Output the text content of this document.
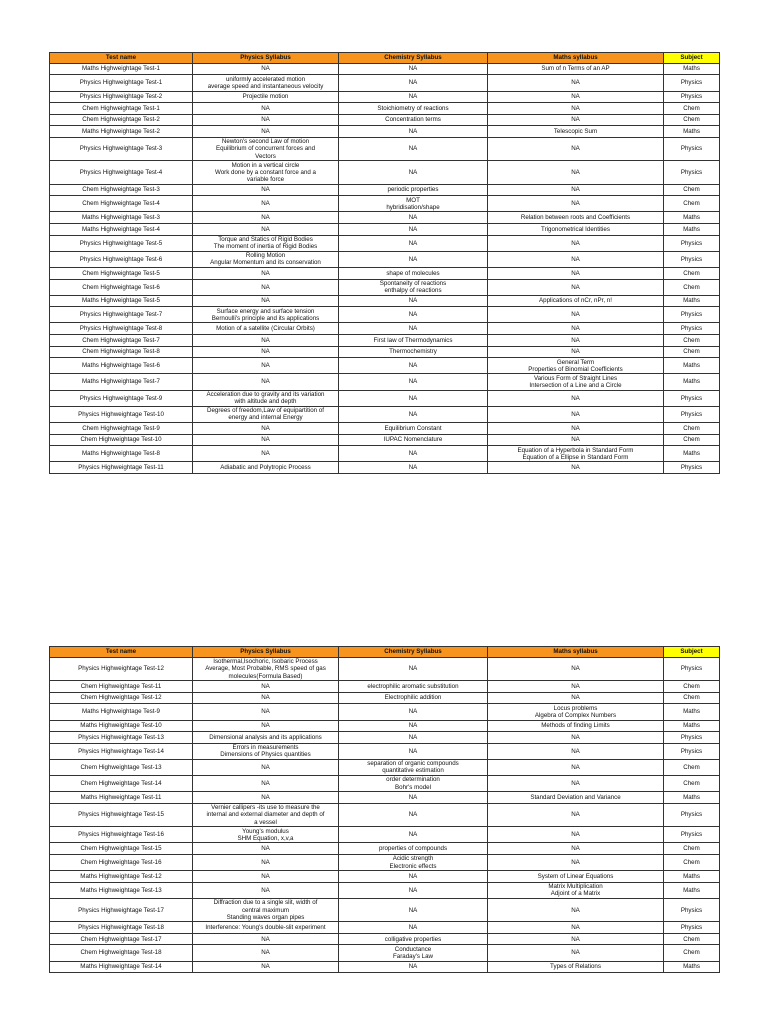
Test name	Physics Syllabus	Chemistry Syllabus	Maths syllabus	Subject
Maths Highweightage Test-1	NA	NA	Sum of n Terms of an AP	Maths
Physics Highweightage Test-1	uniformly accelerated motion
average speed and instantaneous velocity	NA	NA	Physics
Physics Highweightage Test-2	Projectile motion	NA	NA	Physics
Chem Highweightage Test-1	NA	Stoichiometry of reactions	NA	Chem
Chem Highweightage Test-2	NA	Concentration terms	NA	Chem
Maths Highweightage Test-2	NA	NA	Telescopic Sum	Maths
Physics Highweightage Test-3	Newton's second Law of motion
Equilibrium of concurrent forces and
Vectors	NA	NA	Physics
Physics Highweightage Test-4	Motion in a vertical circle
Work done by a constant force and a
variable force	NA	NA	Physics
Chem Highweightage Test-3	NA	periodic properties	NA	Chem
Chem Highweightage Test-4	NA	MOT
hybridisation/shape	NA	Chem
Maths Highweightage Test-3	NA	NA	Relation between roots and Coefficients	Maths
Maths Highweightage Test-4	NA	NA	Trigonometrical Identities	Maths
Physics Highweightage Test-5	Torque and Statics of Rigid Bodies
The moment of inertia of Rigid Bodies	NA	NA	Physics
Physics Highweightage Test-6	Rolling Motion
Angular Momentum and its conservation	NA	NA	Physics
Chem Highweightage Test-5	NA	shape of molecules	NA	Chem
Chem Highweightage Test-6	NA	Spontaneity of reactions
enthalpy of reactions	NA	Chem
Maths Highweightage Test-5	NA	NA	Applications of nCr, nPr, n!	Maths
Physics Highweightage Test-7	Surface energy and surface tension
Bernoulli's principle and its applications	NA	NA	Physics
Physics Highweightage Test-8	Motion of a satellite (Circular Orbits)	NA	NA	Physics
Chem Highweightage Test-7	NA	First law of Thermodynamics	NA	Chem
Chem Highweightage Test-8	NA	Thermochemistry	NA	Chem
Maths Highweightage Test-6	NA	NA	General Term
Properties of Binomial Coefficients	Maths
Maths Highweightage Test-7	NA	NA	Various Form of Straight Lines
Intersection of a Line and a Circle	Maths
Physics Highweightage Test-9	Acceleration due to gravity and its variation
with altitude and depth	NA	NA	Physics
Physics Highweightage Test-10	Degrees of freedom,Law of equipartition of
energy and internal Energy	NA	NA	Physics
Chem Highweightage Test-9	NA	Equilibrium Constant	NA	Chem
Chem Highweightage Test-10	NA	IUPAC Nomenclature	NA	Chem
Maths Highweightage Test-8	NA	NA	Equation of a Hyperbola in Standard Form
Equation of a Ellipse in Standard Form	Maths
Physics Highweightage Test-11	Adiabatic and Polytropic Process	NA	NA	Physics
Test name	Physics Syllabus	Chemistry Syllabus	Maths syllabus	Subject
Physics Highweightage Test-12	Isothermal,Isochoric, Isobaric Process
Average, Most Probable, RMS speed of gas
molecules(Formula Based)	NA	NA	Physics
Chem Highweightage Test-11	NA	electrophilic aromatic substitution	NA	Chem
Chem Highweightage Test-12	NA	Electrophilic addition	NA	Chem
Maths Highweightage Test-9	NA	NA	Locus problems
Algebra of Complex Numbers	Maths
Maths Highweightage Test-10	NA	NA	Methods of finding Limits	Maths
Physics Highweightage Test-13	Dimensional analysis and its applications	NA	NA	Physics
Physics Highweightage Test-14	Errors in measurements
Dimensions of Physics quantities	NA	NA	Physics
Chem Highweightage Test-13	NA	separation of organic compounds
quantitative estimation	NA	Chem
Chem Highweightage Test-14	NA	order determination
Bohr's model	NA	Chem
Maths Highweightage Test-11	NA	NA	Standard Deviation and Variance	Maths
Physics Highweightage Test-15	Vernier callipers -its use to measure the
internal and external diameter and depth of
a vessel	NA	NA	Physics
Physics Highweightage Test-16	Young's modulus
SHM Equation, x,v,a	NA	NA	Physics
Chem Highweightage Test-15	NA	properties of compounds	NA	Chem
Chem Highweightage Test-16	NA	Acidic strength
Electronic effects	NA	Chem
Maths Highweightage Test-12	NA	NA	System of Linear Equations	Maths
Maths Highweightage Test-13	NA	NA	Matrix Multiplication
Adjoint of a Matrix	Maths
Physics Highweightage Test-17	Diffraction due to a single slit, width of
central maximum
Standing waves organ pipes	NA	NA	Physics
Physics Highweightage Test-18	Interference: Young's double-slit experiment	NA	NA	Physics
Chem Highweightage Test-17	NA	colligative properties	NA	Chem
Chem Highweightage Test-18	NA	Conductance
Faraday's Law	NA	Chem
Maths Highweightage Test-14	NA	NA	Types of Relations	Maths
